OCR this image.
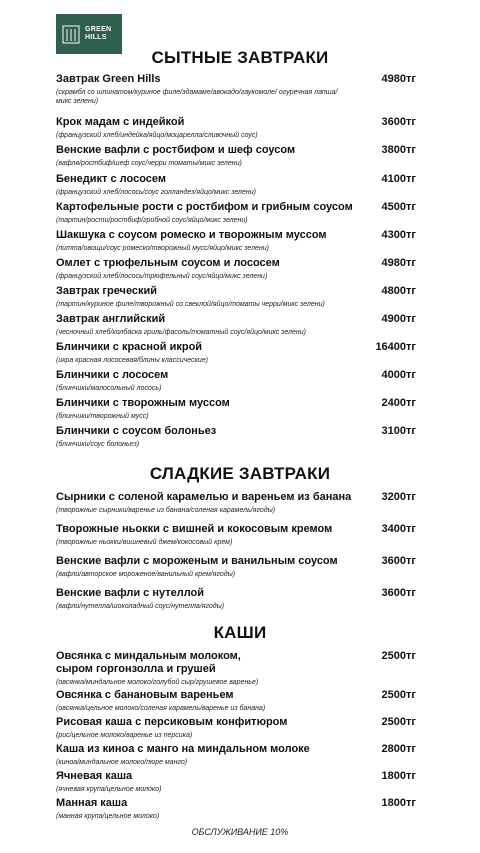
GREEN
HILLS
СЫТНЫЕ ЗАВТРАКИ
Завтрак Green Hills	4980тг
(скрамбл со шпинатом/куриное филе/эдамаме/авокадо/гаукомоле/ огуречная лапша/микс зелени)
Крок мадам с индейкой	3600тг
(французский хлеб/индейка/яйцо/моцарелла/сливочный соус)
Венские вафли с ростбифом и шеф соусом	3800тг
(вафля/ростбиф/шеф соус/черри томаты/микс зелени)
Бенедикт с лососем	4100тг
(французский хлеб/лосось/соус голландез/яйцо/микс зелени)
Картофельные рости с ростбифом и грибным соусом	4500тг
(тартин/рости/ростбиф/грибной соус/яйцо/микс зелени)
Шакшука с соусом ромеско и творожным муссом	4300тг
(питта/овощи/соус ромеско/творожный мусс/яйцо/микс зелени)
Омлет с трюфельным соусом и лососем	4980тг
(французский хлеб/лосось/трюфельный соус/яйцо/микс зелени)
Завтрак греческий	4800тг
(тартин/куриное филе/творожный со свеклой/яйцо/томаты черри/микс зелени)
Завтрак английский	4900тг
(чесночный хлеб/колбаска гриль/фасоль/томатный соус/яйцо/микс зелени)
Блинчики с красной икрой	16400тг
(икра красная лососевая/блины классические)
Блинчики с лососем	4000тг
(блинчики/малосольный лосось)
Блинчики с творожным муссом	2400тг
(блинчики/творожный мусс)
Блинчики с соусом болоньез	3100тг
(блинчики/соус болоньез)
СЛАДКИЕ ЗАВТРАКИ
Сырники с соленой карамелью и вареньем из банана	3200тг
(творожные сырники/варенье из банана/соленая карамель/ягоды)
Творожные ньокки с вишней и кокосовым кремом	3400тг
(творожные ньокки/вишневый джем/кокосовый крем)
Венские вафли с мороженым и ванильным соусом	3600тг
(вафли/авторское мороженое/ванильный крем/ягоды)
Венские вафли с нутеллой	3600тг
(вафли/нутелла/шоколадный соус/нутелла/ягоды)
КАШИ
Овсянка с миндальным молоком, сыром горгонзолла и грушей
2500тг
(овсянка/миндальное молоко/голубой сыр/грушевое варенье)
Овсянка с банановым вареньем	2500тг
(овсянка/цельное молоко/соленая карамель/варенье из банана)
Рисовая каша с персиковым конфитюром	2500тг
(рис/цельное молоко/варенье из персика)
Каша из киноа с манго на миндальном молоке	2800тг
(киноа/миндальное молоко/пюре манго)
Ячневая каша	1800тг
(ячневая крупа/цельное молоко)
Манная каша	1800тг
(манная крупа/цельное молоко)
ОБСЛУЖИВАНИЕ 10%
